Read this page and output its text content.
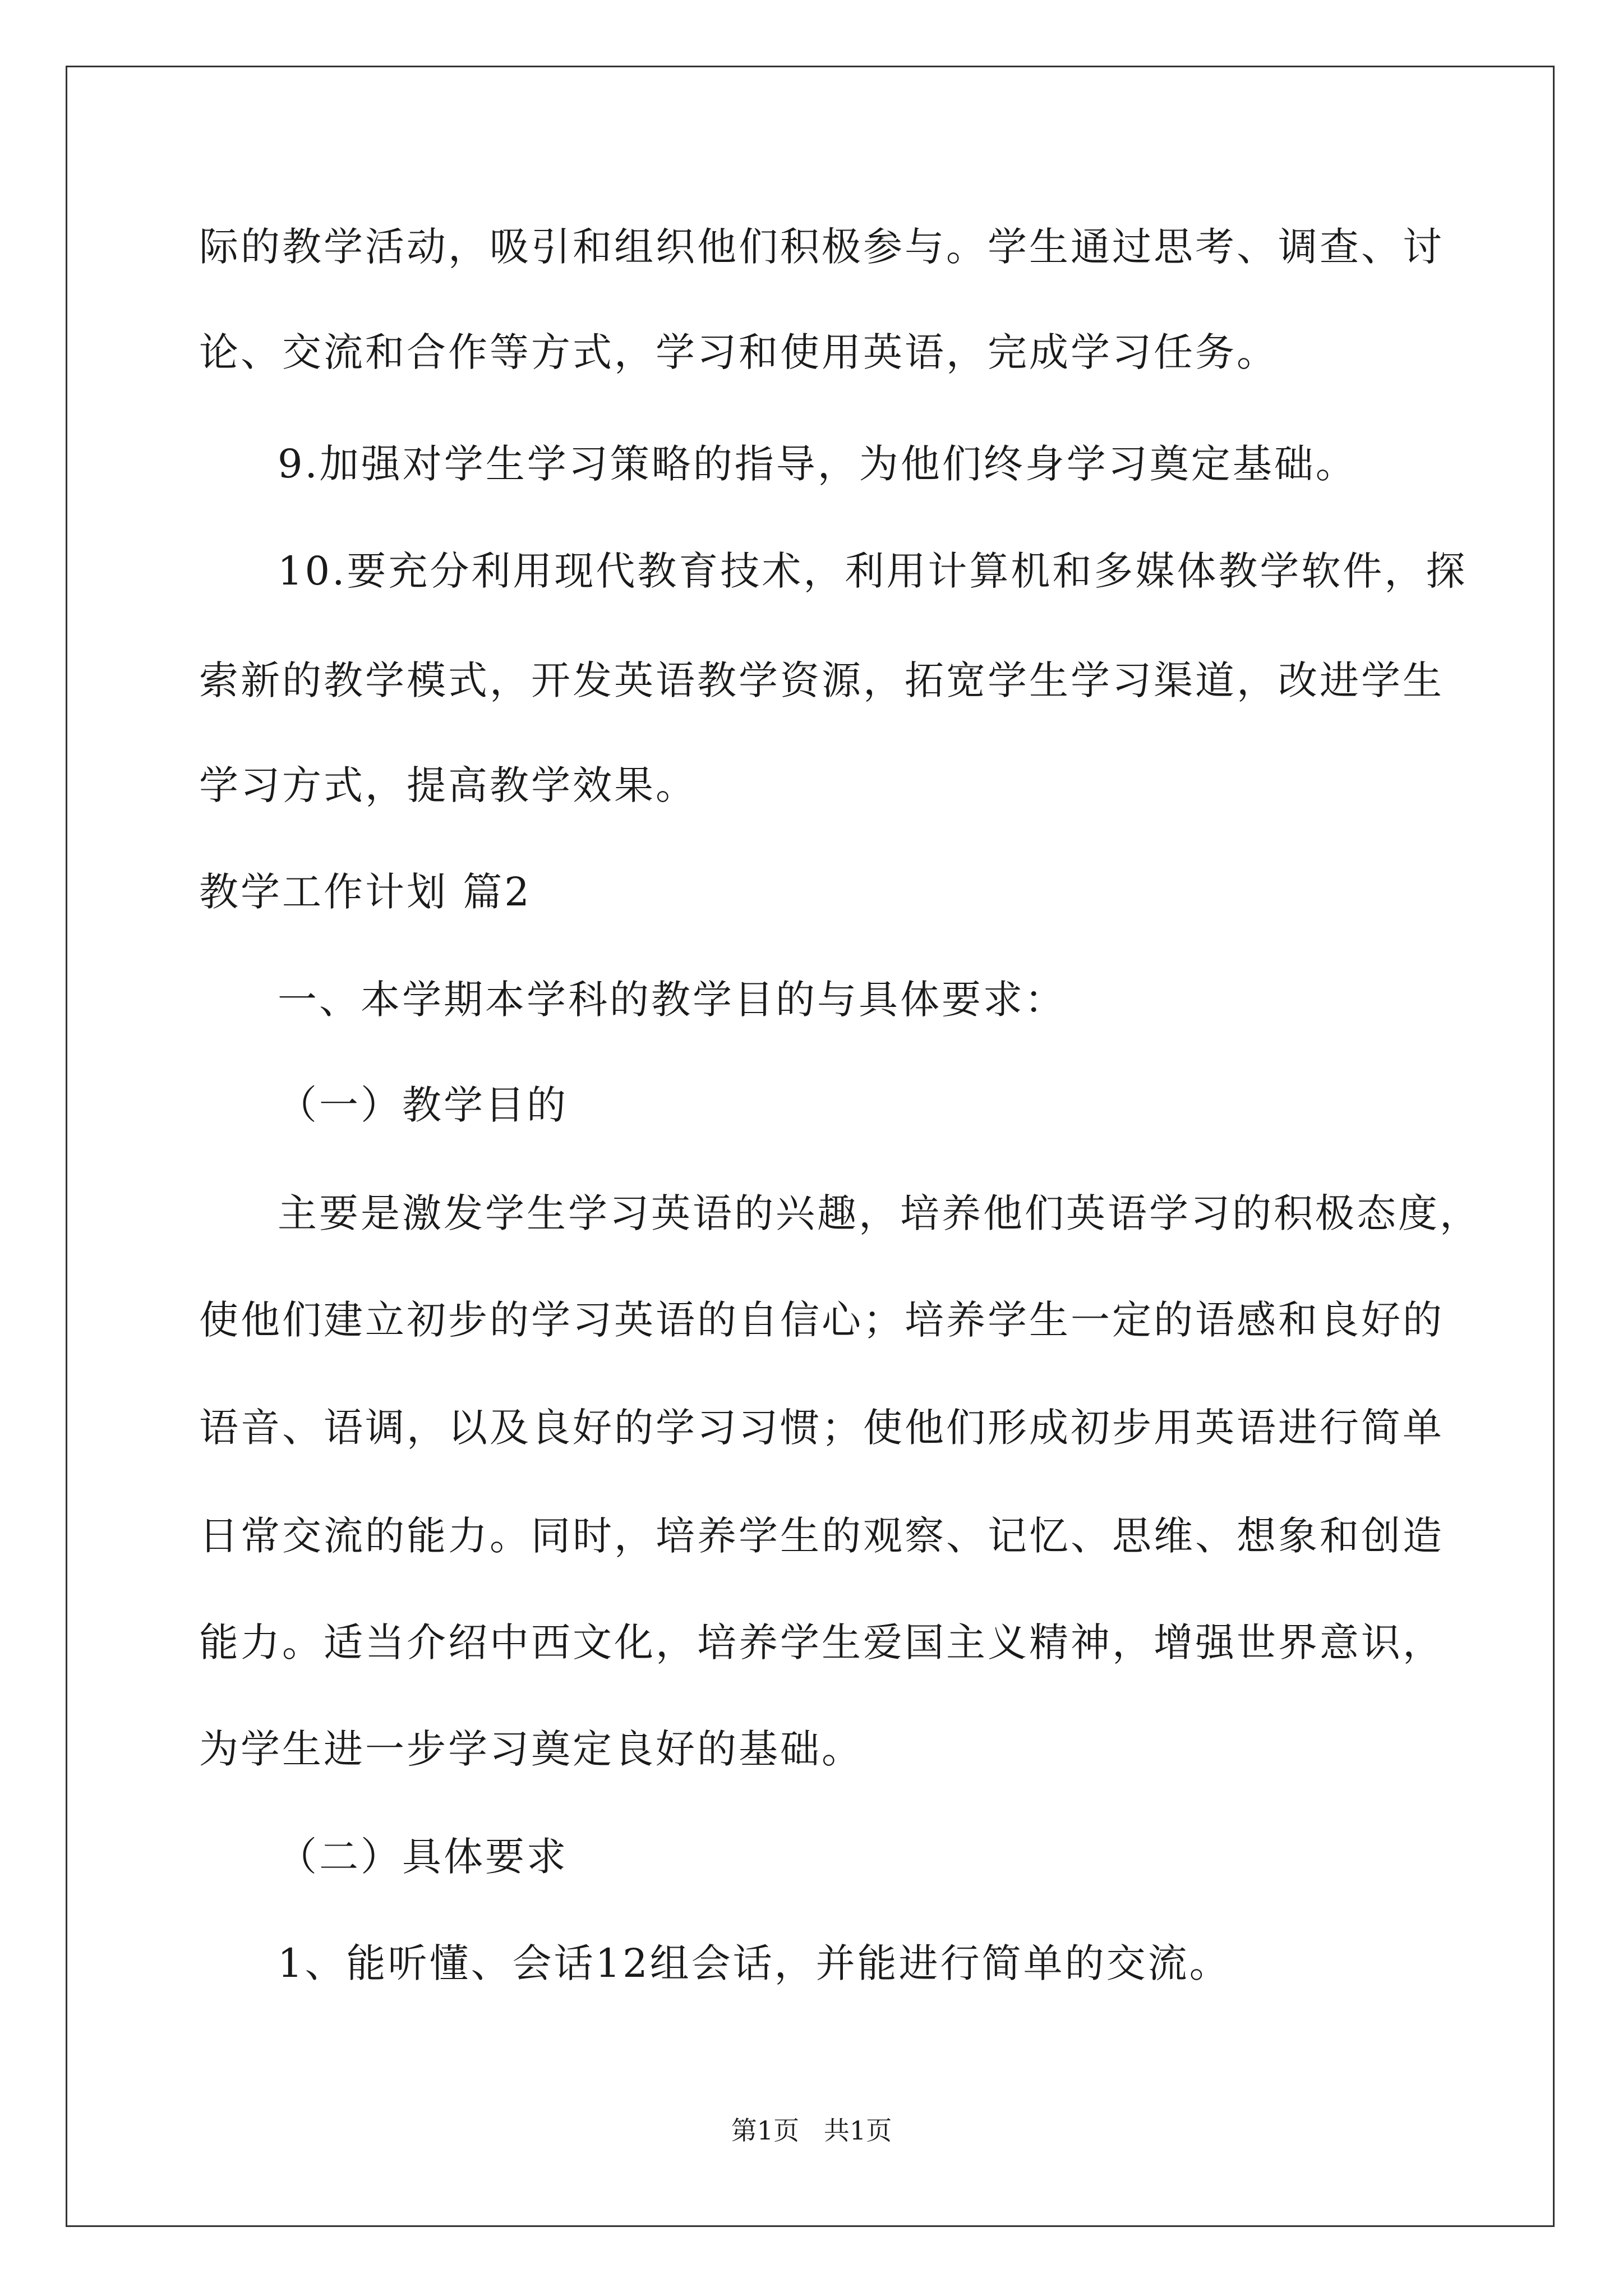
际的教学活动，吸引和组织他们积极参与。学生通过思考、调查、讨
论、交流和合作等方式，学习和使用英语，完成学习任务。
9.加强对学生学习策略的指导，为他们终身学习奠定基础。
10.要充分利用现代教育技术，利用计算机和多媒体教学软件，探
索新的教学模式，开发英语教学资源，拓宽学生学习渠道，改进学生
学习方式，提高教学效果。
教学工作计划 篇2
一、本学期本学科的教学目的与具体要求：
（一）教学目的
主要是激发学生学习英语的兴趣，培养他们英语学习的积极态度，
使他们建立初步的学习英语的自信心；培养学生一定的语感和良好的
语音、语调，以及良好的学习习惯；使他们形成初步用英语进行简单
日常交流的能力。同时，培养学生的观察、记忆、思维、想象和创造
能力。适当介绍中西文化，培养学生爱国主义精神，增强世界意识，
为学生进一步学习奠定良好的基础。
（二）具体要求
1、能听懂、会话12组会话，并能进行简单的交流。
第1页   共1页
